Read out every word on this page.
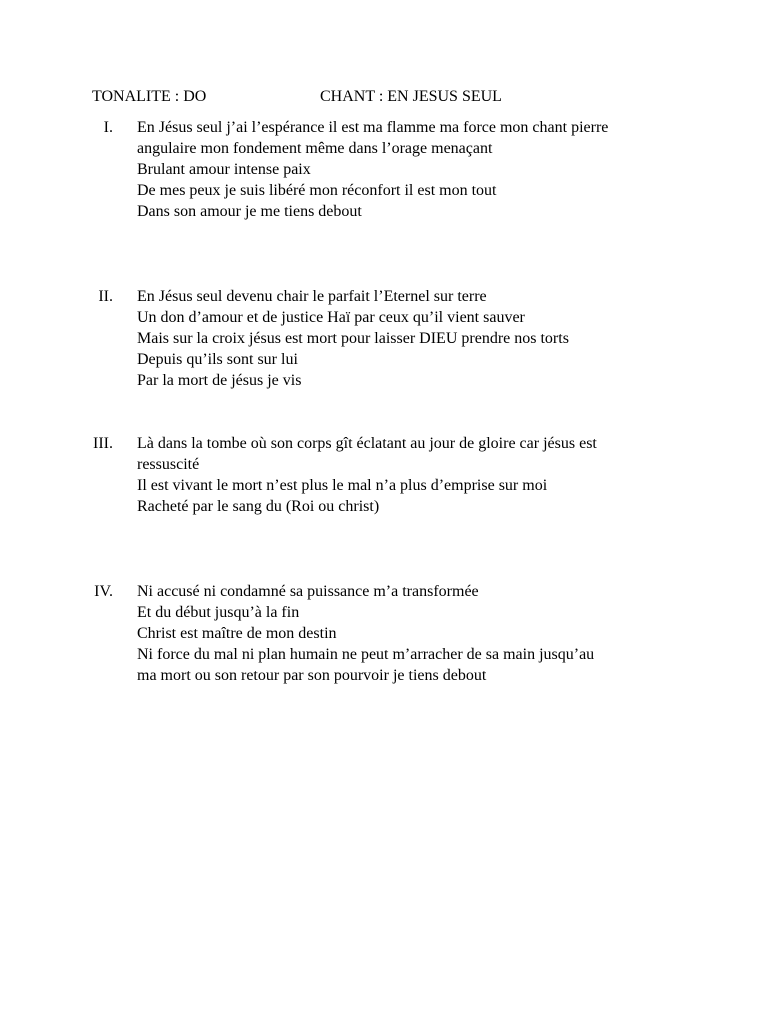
TONALITE : DO	CHANT : EN JESUS SEUL
I. En Jésus seul j’ai l’espérance il est ma flamme ma force mon chant pierre
angulaire mon fondement même dans l’orage menaçant
Brulant amour intense paix
De mes peux je suis libéré mon réconfort il est mon tout
Dans son amour je me tiens debout
II. En Jésus seul devenu chair le parfait l’Eternel sur terre
Un don d’amour et de justice Haï par ceux qu’il vient sauver
Mais sur la croix jésus est mort pour laisser DIEU prendre nos torts
Depuis qu’ils sont sur lui
Par la mort de jésus je vis
III. Là dans la tombe où son corps gît éclatant au jour de gloire car jésus est
ressuscité
Il est vivant le mort n’est plus le mal n’a plus d’emprise sur moi
Racheté par le sang du (Roi ou christ)
IV. Ni accusé ni condamné sa puissance m’a transformée
Et du début jusqu’à la fin
Christ est maître de mon destin
Ni force du mal ni plan humain ne peut m’arracher de sa main jusqu’au
ma mort ou son retour par son pourvoir je tiens debout
